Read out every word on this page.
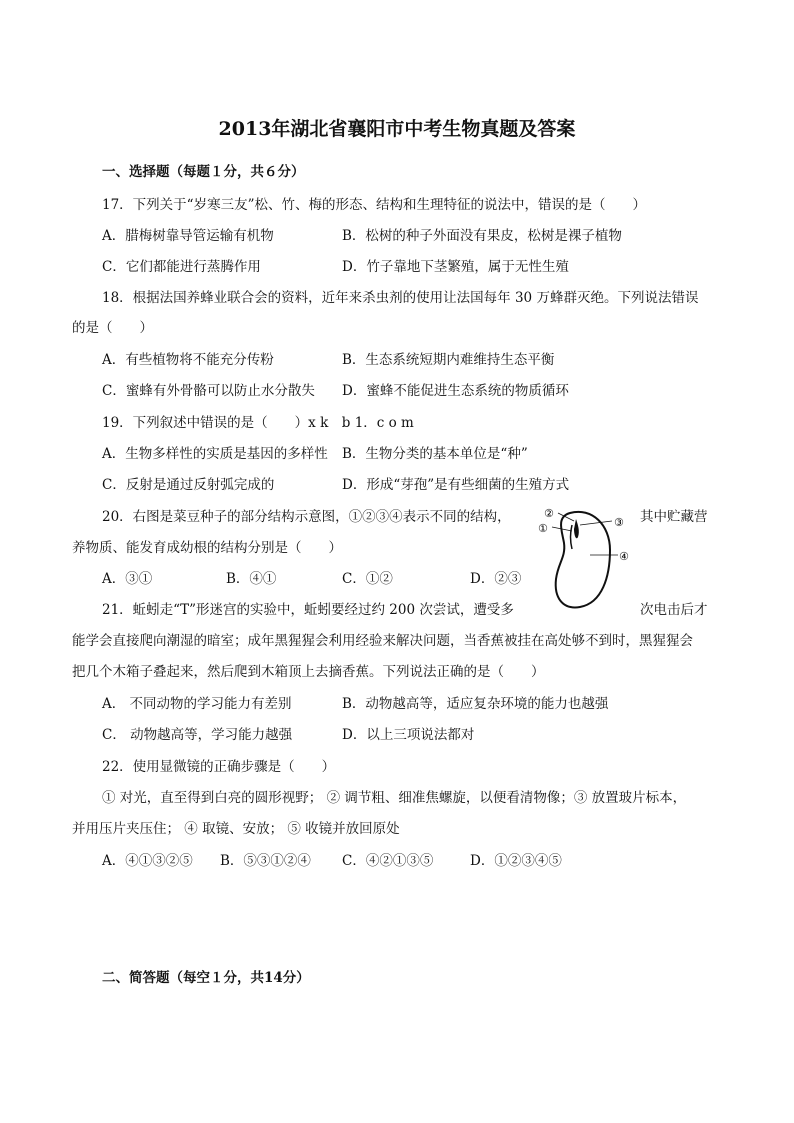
2013年湖北省襄阳市中考生物真题及答案
一、选择题（每题１分，共６分）
17．下列关于“岁寒三友”松、竹、梅的形态、结构和生理特征的说法中，错误的是（　　）
A．腊梅树靠导管运输有机物	B．松树的种子外面没有果皮，松树是裸子植物
C．它们都能进行蒸腾作用	D．竹子靠地下茎繁殖，属于无性生殖
18．根据法国养蜂业联合会的资料，近年来杀虫剂的使用让法国每年 30 万蜂群灭绝。下列说法错误
的是（　　）
A．有些植物将不能充分传粉	B．生态系统短期内难维持生态平衡
C．蜜蜂有外骨骼可以防止水分散失 D．蜜蜂不能促进生态系统的物质循环
19．下列叙述中错误的是（　　）x k　b 1．c o m
A．生物多样性的实质是基因的多样性 B．生物分类的基本单位是“种”
C．反射是通过反射弧完成的	D．形成“芽孢”是有些细菌的生殖方式
20．右图是菜豆种子的部分结构示意图，①②③④表示不同的结构，	其中贮藏营
养物质、能发育成幼根的结构分别是（　　）
A．③①	B．④①	C．①②	D．②③
②
①	③
④
21．蚯蚓走“T”形迷宫的实验中，蚯蚓要经过约 200 次尝试，遭受多	次电击后才
能学会直接爬向潮湿的暗室；成年黑猩猩会利用经验来解决问题，当香蕉被挂在高处够不到时，黑猩猩会
把几个木箱子叠起来，然后爬到木箱顶上去摘香蕉。下列说法正确的是（　　）
A． 不同动物的学习能力有差别	B．动物越高等，适应复杂环境的能力也越强
C． 动物越高等，学习能力越强	D．以上三项说法都对
22．使用显微镜的正确步骤是（　　）
① 对光，直至得到白亮的圆形视野； ② 调节粗、细准焦螺旋，以便看清物像；③ 放置玻片标本，
并用压片夹压住； ④ 取镜、安放； ⑤ 收镜并放回原处
A．④①③②⑤ B．⑤③①②④ C．④②①③⑤	D．①②③④⑤
二、简答题（每空１分，共14分）
